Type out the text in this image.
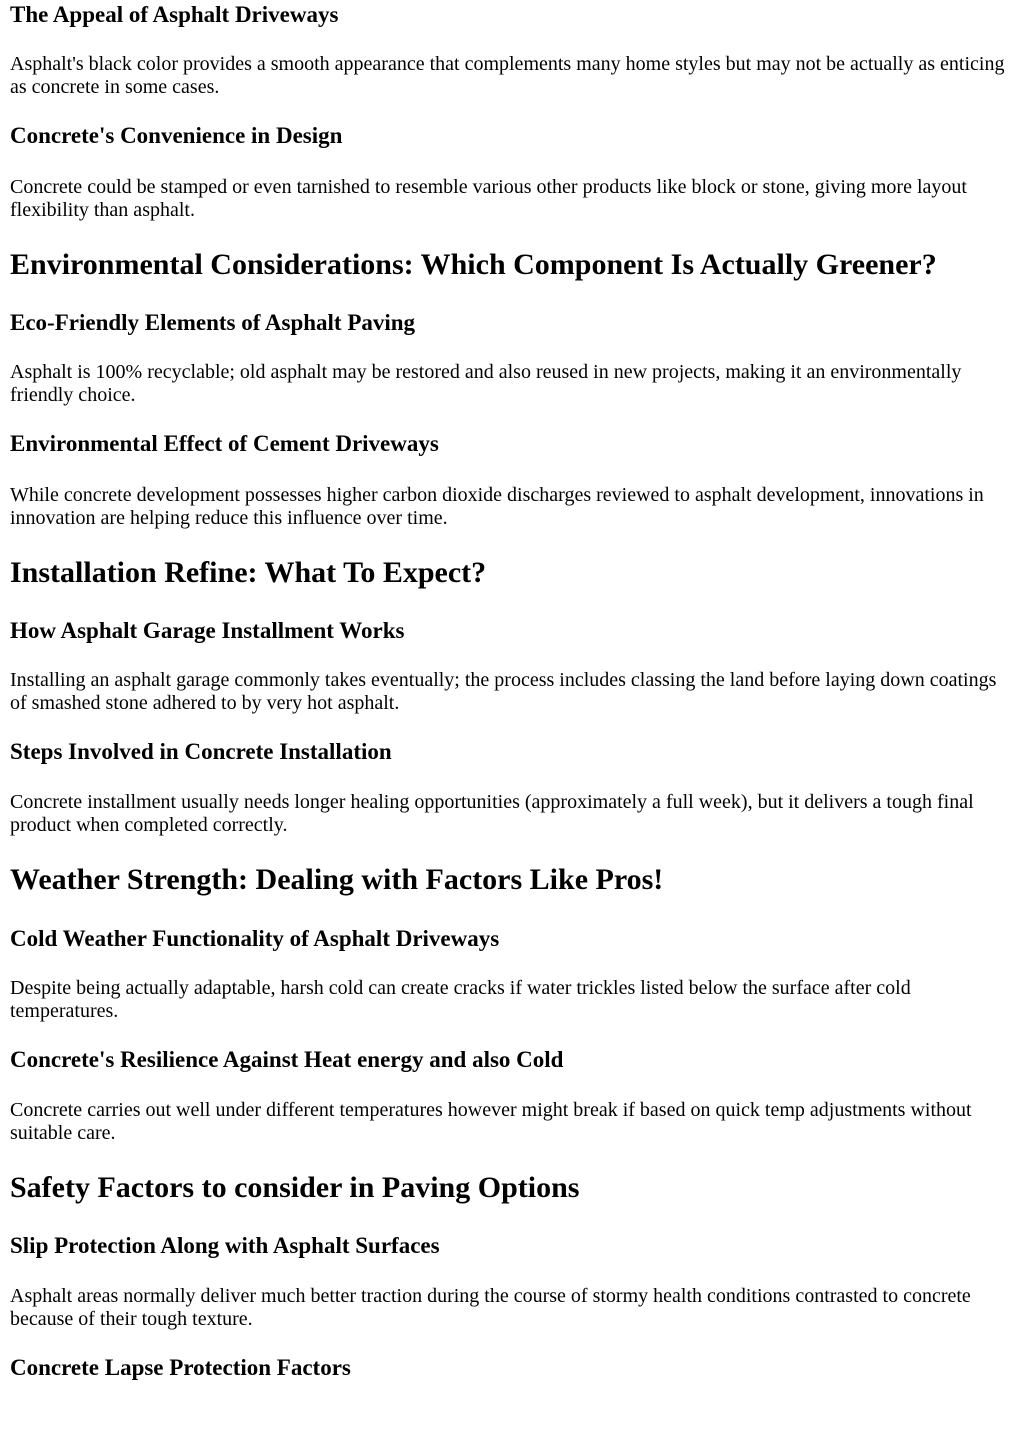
The Appeal of Asphalt Driveways

Asphalt's black color provides a smooth appearance that complements many home styles but may not be actually as enticing as concrete in some cases.

Concrete's Convenience in Design

Concrete could be stamped or even tarnished to resemble various other products like block or stone, giving more layout flexibility than asphalt.

Environmental Considerations: Which Component Is Actually Greener?
Eco-Friendly Elements of Asphalt Paving

Asphalt is 100% recyclable; old asphalt may be restored and also reused in new projects, making it an environmentally friendly choice.

Environmental Effect of Cement Driveways

While concrete development possesses higher carbon dioxide discharges reviewed to asphalt development, innovations in innovation are helping reduce this influence over time.

Installation Refine: What To Expect?
How Asphalt Garage Installment Works

Installing an asphalt garage commonly takes eventually; the process includes classing the land before laying down coatings of smashed stone adhered to by very hot asphalt.

Steps Involved in Concrete Installation

Concrete installment usually needs longer healing opportunities (approximately a full week), but it delivers a tough final product when completed correctly.

Weather Strength: Dealing with Factors Like Pros!
Cold Weather Functionality of Asphalt Driveways

Despite being actually adaptable, harsh cold can create cracks if water trickles listed below the surface after cold temperatures.

Concrete's Resilience Against Heat energy and also Cold

Concrete carries out well under different temperatures however might break if based on quick temp adjustments without suitable care.

Safety Factors to consider in Paving Options
Slip Protection Along with Asphalt Surfaces

Asphalt areas normally deliver much better traction during the course of stormy health conditions contrasted to concrete because of their tough texture.

Concrete Lapse Protection Factors
